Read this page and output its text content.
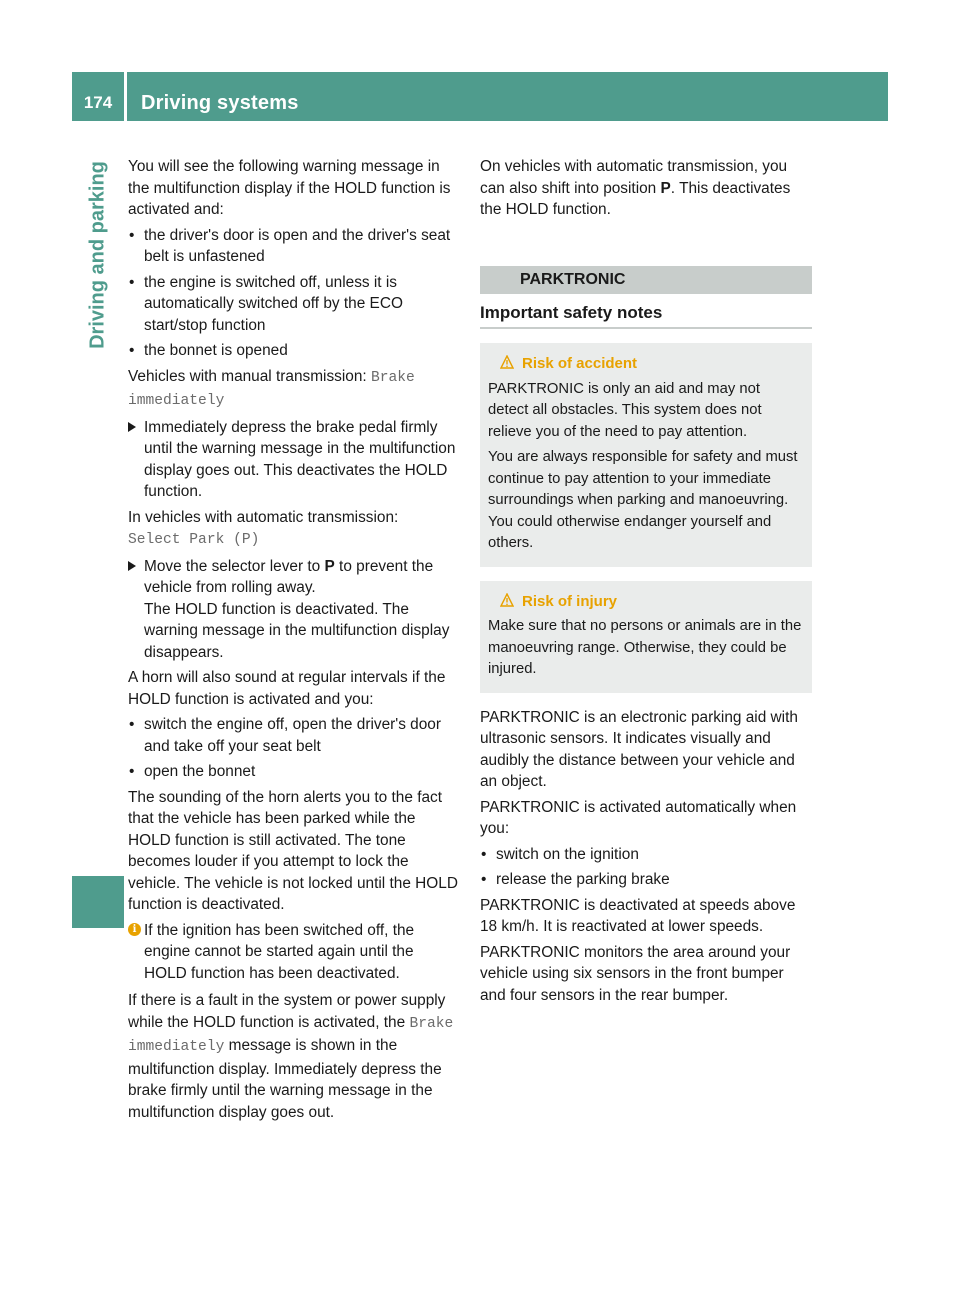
174	Driving systems
Driving and parking You will see the following warning message in the multifunction display if the HOLD function is activated and:

• the driver's door is open and the driver's seat belt is unfastened
• the engine is switched off, unless it is automatically switched off by the ECO start/stop function
• the bonnet is opened

Vehicles with manual transmission: Brake immediately

Immediately depress the brake pedal firmly until the warning message in the multifunction display goes out. This deactivates the HOLD function.

In vehicles with automatic transmission:
Select Park (P)

Move the selector lever to P to prevent the vehicle from rolling away.
The HOLD function is deactivated. The warning message in the multifunction display disappears.

A horn will also sound at regular intervals if the HOLD function is activated and you:

• switch the engine off, open the driver's door and take off your seat belt
• open the bonnet

The sounding of the horn alerts you to the fact that the vehicle has been parked while the HOLD function is still activated. The tone becomes louder if you attempt to lock the vehicle. The vehicle is not locked until the HOLD function is deactivated.

i If the ignition has been switched off, the engine cannot be started again until the HOLD function has been deactivated.

If there is a fault in the system or power supply while the HOLD function is activated, the Brake immediately message is shown in the multifunction display. Immediately depress the brake firmly until the warning message in the multifunction display goes out.

On vehicles with automatic transmission, you can also shift into position P. This deactivates the HOLD function.

PARKTRONIC
Important safety notes
Risk of accident

PARKTRONIC is only an aid and may not detect all obstacles. This system does not relieve you of the need to pay attention.

You are always responsible for safety and must continue to pay attention to your immediate surroundings when parking and manoeuvring. You could otherwise endanger yourself and others.

Risk of injury

Make sure that no persons or animals are in the manoeuvring range. Otherwise, they could be injured.

PARKTRONIC is an electronic parking aid with ultrasonic sensors. It indicates visually and audibly the distance between your vehicle and an object.

PARKTRONIC is activated automatically when you:

• switch on the ignition
• release the parking brake

PARKTRONIC is deactivated at speeds above 18 km/h. It is reactivated at lower speeds.

PARKTRONIC monitors the area around your vehicle using six sensors in the front bumper and four sensors in the rear bumper.
